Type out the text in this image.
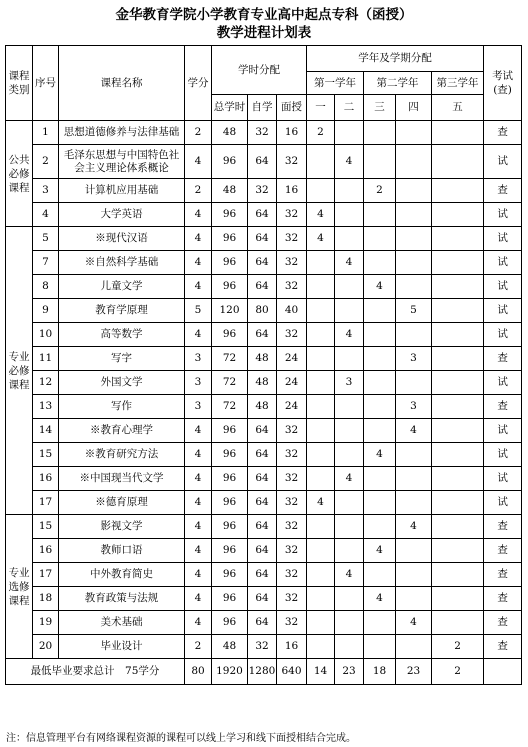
金华教育学院小学教育专业高中起点专科（函授）
教学进程计划表
课程类别	序号	课程名称	学分	学时分配			学年及学期分配					考试(查)
							第一学年		第二学年		第三学年	
				总学时	自学	面授	一	二	三	四	五	
公共必修课程	1	思想道德修养与法律基础	2	48	32	16	2					查
	2	毛泽东思想与中国特色社会主义理论体系概论	4	96	64	32		4				试
	3	计算机应用基础	2	48	32	16			2			查
	4	大学英语	4	96	64	32	4					试
专业必修课程	5	※现代汉语	4	96	64	32	4					试
	7	※自然科学基础	4	96	64	32		4				试
	8	儿童文学	4	96	64	32			4			试
	9	教育学原理	5	120	80	40				5		试
	10	高等数学	4	96	64	32		4				试
	11	写字	3	72	48	24				3		查
	12	外国文学	3	72	48	24		3				试
	13	写作	3	72	48	24				3		查
	14	※教育心理学	4	96	64	32				4		试
	15	※教育研究方法	4	96	64	32			4			试
	16	※中国现当代文学	4	96	64	32		4				试
	17	※德育原理	4	96	64	32	4					试
专业选修课程	15	影视文学	4	96	64	32				4		查
	16	教师口语	4	96	64	32			4			查
	17	中外教育简史	4	96	64	32		4				查
	18	教育政策与法规	4	96	64	32			4			查
	19	美术基础	4	96	64	32				4		查
	20	毕业设计	2	48	32	16					2	查
最低毕业要求总计　75学分			80	1920	1280	640	14	23	18	23	2	
注：信息管理平台有网络课程资源的课程可以线上学习和线下面授相结合完成。
